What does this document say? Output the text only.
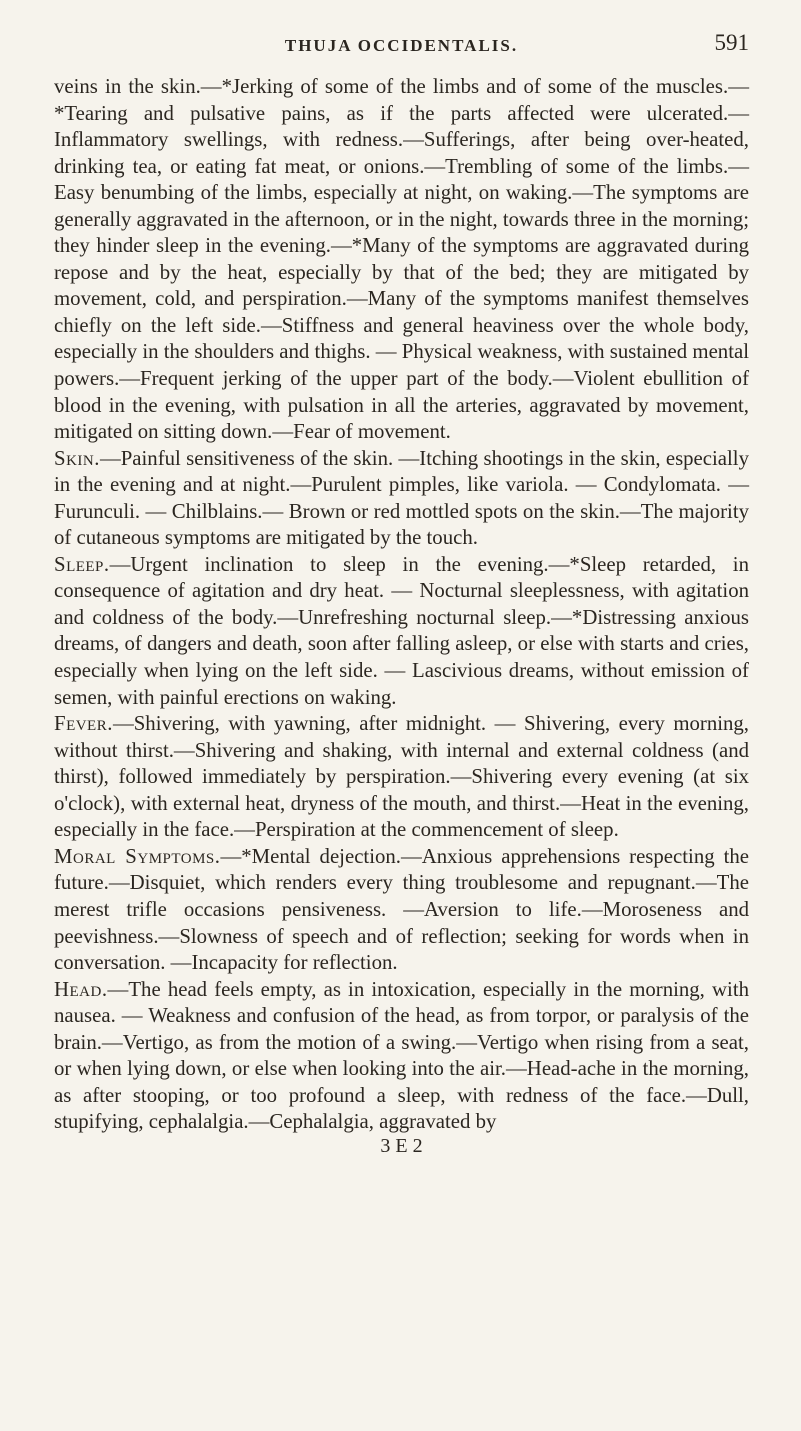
THUJA OCCIDENTALIS.	591

veins in the skin.—*Jerking of some of the limbs and of some of the muscles.—*Tearing and pulsative pains, as if the parts affected were ulcerated.—Inflammatory swellings, with redness.—Sufferings, after being over-heated, drinking tea, or eating fat meat, or onions.—Trembling of some of the limbs.—Easy benumbing of the limbs, especially at night, on waking.—The symptoms are generally aggravated in the afternoon, or in the night, towards three in the morning; they hinder sleep in the evening.—*Many of the symptoms are aggravated during repose and by the heat, especially by that of the bed; they are mitigated by movement, cold, and perspiration.—Many of the symptoms manifest themselves chiefly on the left side.—Stiffness and general heaviness over the whole body, especially in the shoulders and thighs. — Physical weakness, with sustained mental powers.—Frequent jerking of the upper part of the body.—Violent ebullition of blood in the evening, with pulsation in all the arteries, aggravated by movement, mitigated on sitting down.—Fear of movement.

Skin.—Painful sensitiveness of the skin. —Itching shootings in the skin, especially in the evening and at night.—Purulent pimples, like variola. — Condylomata. — Furunculi. — Chilblains.— Brown or red mottled spots on the skin.—The majority of cutaneous symptoms are mitigated by the touch.

Sleep.—Urgent inclination to sleep in the evening.—*Sleep retarded, in consequence of agitation and dry heat. — Nocturnal sleeplessness, with agitation and coldness of the body.—Unrefreshing nocturnal sleep.—*Distressing anxious dreams, of dangers and death, soon after falling asleep, or else with starts and cries, especially when lying on the left side. — Lascivious dreams, without emission of semen, with painful erections on waking.

Fever.—Shivering, with yawning, after midnight. — Shivering, every morning, without thirst.—Shivering and shaking, with internal and external coldness (and thirst), followed immediately by perspiration.—Shivering every evening (at six o'clock), with external heat, dryness of the mouth, and thirst.—Heat in the evening, especially in the face.—Perspiration at the commencement of sleep.

Moral Symptoms.—*Mental dejection.—Anxious apprehensions respecting the future.—Disquiet, which renders every thing troublesome and repugnant.—The merest trifle occasions pensiveness. —Aversion to life.—Moroseness and peevishness.—Slowness of speech and of reflection; seeking for words when in conversation. —Incapacity for reflection.

Head.—The head feels empty, as in intoxication, especially in the morning, with nausea. — Weakness and confusion of the head, as from torpor, or paralysis of the brain.—Vertigo, as from the motion of a swing.—Vertigo when rising from a seat, or when lying down, or else when looking into the air.—Head-ache in the morning, as after stooping, or too profound a sleep, with redness of the face.—Dull, stupifying, cephalalgia.—Cephalalgia, aggravated by

3 E 2
